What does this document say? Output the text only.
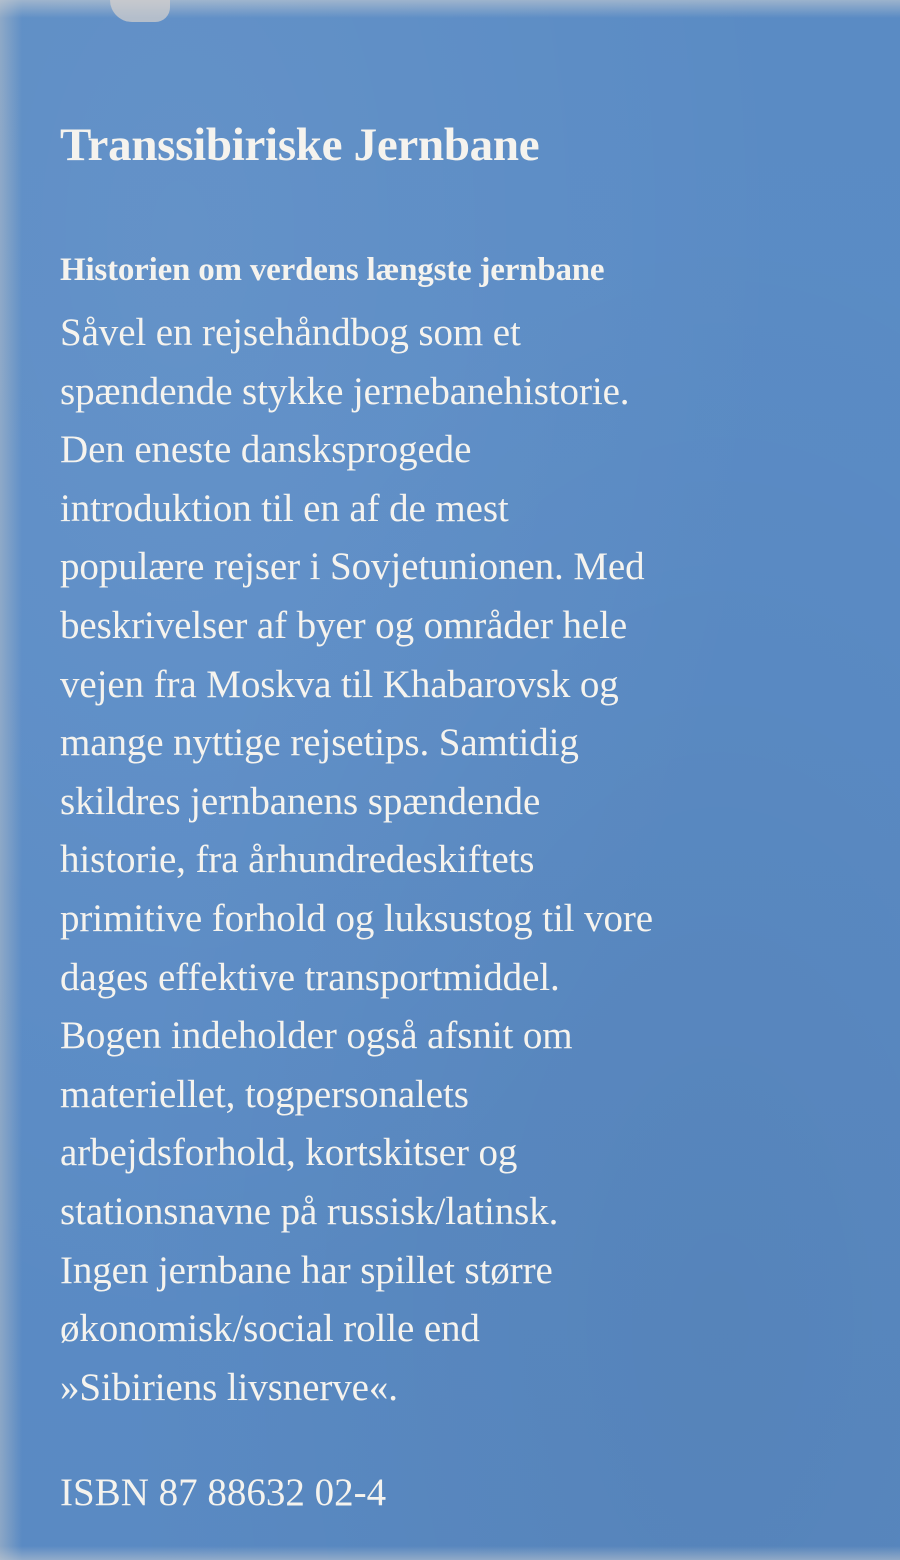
Transsibiriske Jernbane
Historien om verdens længste jernbane
Såvel en rejsehåndbog som et
spændende stykke jernebanehistorie.
Den eneste dansksprogede
introduktion til en af de mest
populære rejser i Sovjetunionen. Med
beskrivelser af byer og områder hele
vejen fra Moskva til Khabarovsk og
mange nyttige rejsetips. Samtidig
skildres jernbanens spændende
historie, fra århundredeskiftets
primitive forhold og luksustog til vore
dages effektive transportmiddel.
Bogen indeholder også afsnit om
materiellet, togpersonalets
arbejdsforhold, kortskitser og
stationsnavne på russisk/latinsk.
Ingen jernbane har spillet større
økonomisk/social rolle end
»Sibiriens livsnerve«.

ISBN 87 88632 02-4
